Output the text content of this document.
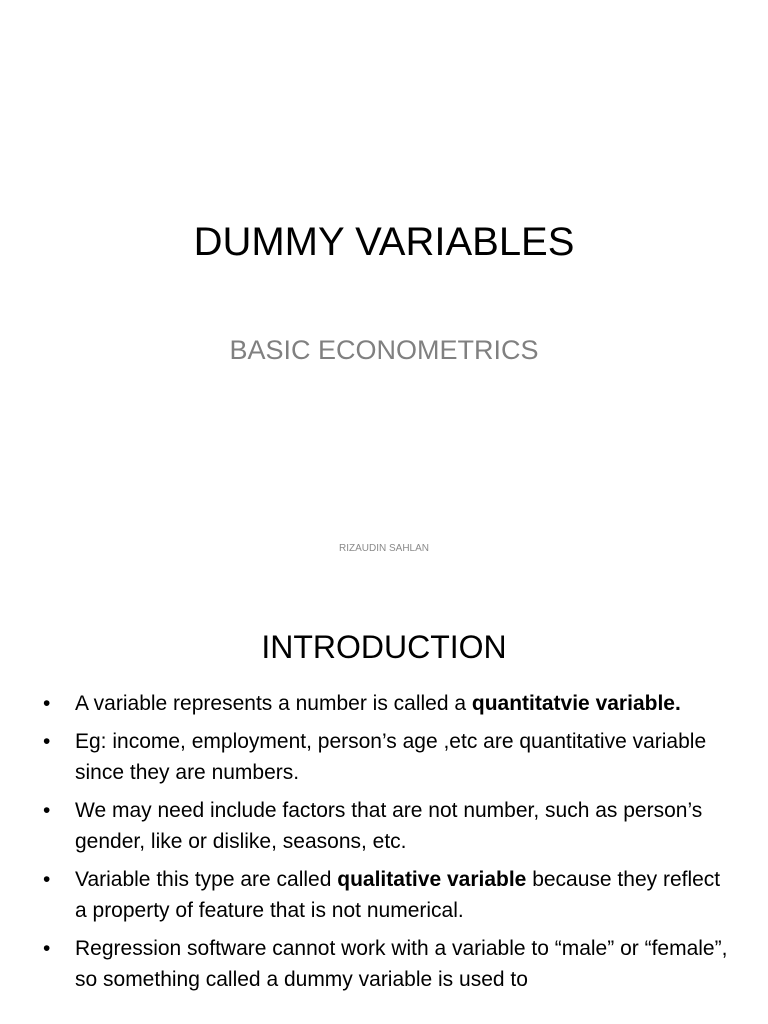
DUMMY VARIABLES
BASIC ECONOMETRICS
RIZAUDIN SAHLAN
INTRODUCTION
• A variable represents a number is called a quantitatvie variable.
• Eg: income, employment, person’s age ,etc are quantitative variable since they are numbers.
• We may need include factors that are not number, such as person’s gender, like or dislike, seasons, etc.
• Variable this type are called qualitative variable because they reflect a property of feature that is not numerical.
• Regression software cannot work with a variable to “male” or “female”, so something called a dummy variable is used to
